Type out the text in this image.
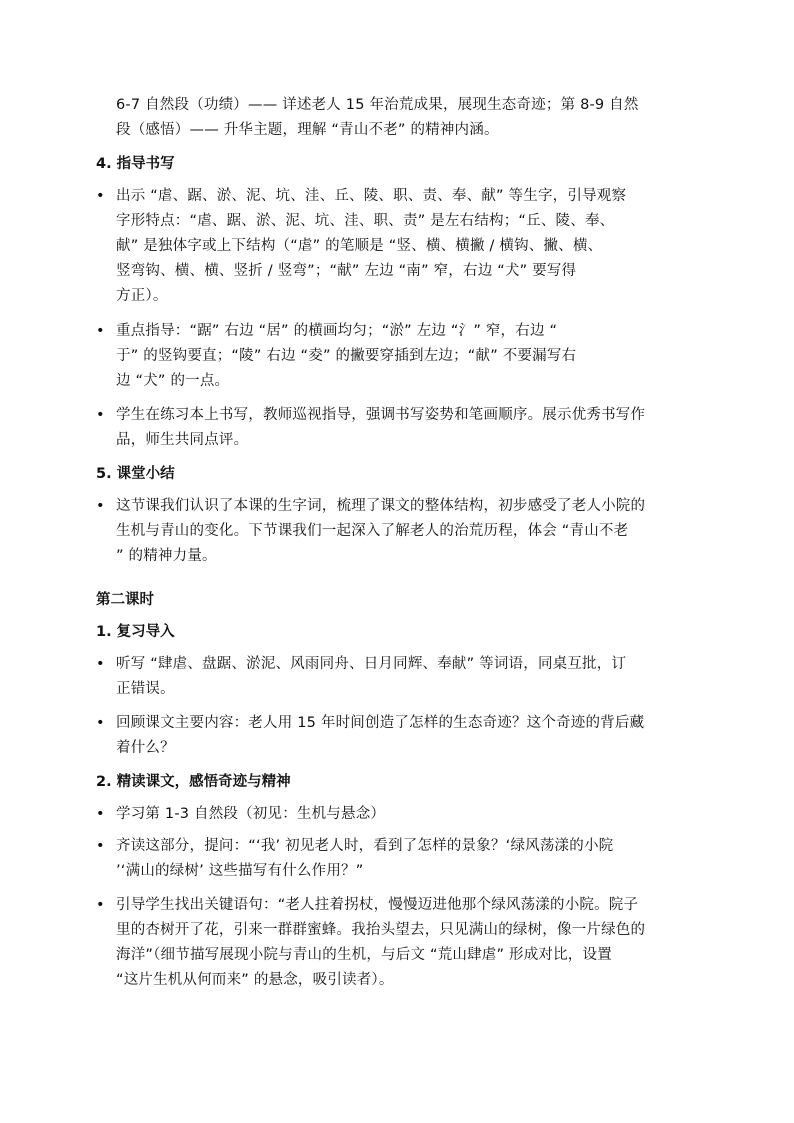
6-7 自然段（功绩）—— 详述老人 15 年治荒成果，展现生态奇迹；第 8-9 自然
段（感悟）—— 升华主题，理解 “青山不老” 的精神内涵。

4. 指导书写
• 出示 “虐、踞、淤、泥、坑、洼、丘、陵、职、责、奉、献” 等生字，引导观察
字形特点：“虐、踞、淤、泥、坑、洼、职、责” 是左右结构；“丘、陵、奉、
献” 是独体字或上下结构（“虐” 的笔顺是 “竖、横、横撇 / 横钩、撇、横、
竖弯钩、横、横、竖折 / 竖弯”；“献” 左边 “南” 窄，右边 “犬” 要写得
方正）。

• 重点指导：“踞” 右边 “居” 的横画均匀；“淤” 左边 “氵” 窄，右边 “
于” 的竖钩要直；“陵” 右边 “夌” 的撇要穿插到左边；“献” 不要漏写右
边 “犬” 的一点。

• 学生在练习本上书写，教师巡视指导，强调书写姿势和笔画顺序。展示优秀书写作
品，师生共同点评。

5. 课堂小结
• 这节课我们认识了本课的生字词，梳理了课文的整体结构，初步感受了老人小院的
生机与青山的变化。下节课我们一起深入了解老人的治荒历程，体会 “青山不老
” 的精神力量。

第二课时
1. 复习导入
• 听写 “肆虐、盘踞、淤泥、风雨同舟、日月同辉、奉献” 等词语，同桌互批，订
正错误。

• 回顾课文主要内容：老人用 15 年时间创造了怎样的生态奇迹？这个奇迹的背后藏
着什么？

2. 精读课文，感悟奇迹与精神
• 学习第 1-3 自然段（初见：生机与悬念）

• 齐读这部分，提问：“‘我’ 初见老人时，看到了怎样的景象？‘绿风荡漾的小院
’‘满山的绿树’ 这些描写有什么作用？”

• 引导学生找出关键语句：“老人拄着拐杖，慢慢迈进他那个绿风荡漾的小院。院子
里的杏树开了花，引来一群群蜜蜂。我抬头望去，只见满山的绿树，像一片绿色的
海洋”（细节描写展现小院与青山的生机，与后文 “荒山肆虐” 形成对比，设置
“这片生机从何而来” 的悬念，吸引读者）。
